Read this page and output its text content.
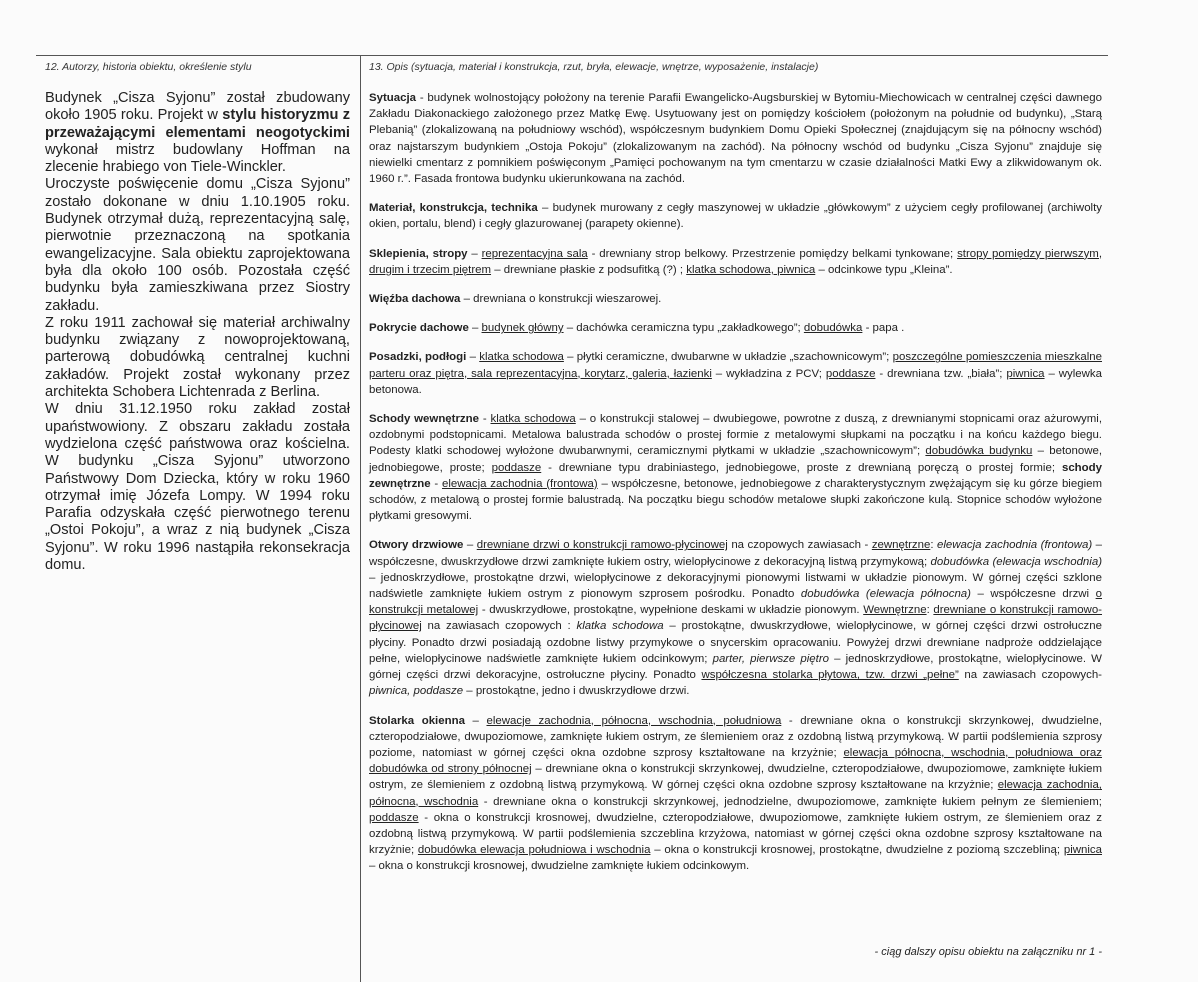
12. Autorzy, historia obiektu, określenie stylu	13. Opis (sytuacja, materiał i konstrukcja, rzut, bryła, elewacje, wnętrze, wyposażenie, instalacje)

Budynek „Cisza Syjonu” został zbudowany około 1905 roku. Projekt w stylu historyzmu z przeważającymi elementami neogotyckimi wykonał mistrz budowlany Hoffman na zlecenie hrabiego von Tiele-Winckler.

Uroczyste poświęcenie domu „Cisza Syjonu” zostało dokonane w dniu 1.10.1905 roku. Budynek otrzymał dużą, reprezentacyjną salę, pierwotnie przeznaczoną na spotkania ewangelizacyjne. Sala obiektu zaprojektowana była dla około 100 osób. Pozostała część budynku była zamieszkiwana przez Siostry zakładu.

Z roku 1911 zachował się materiał archiwalny budynku związany z nowoprojektowaną, parterową dobudówką centralnej kuchni zakładów. Projekt został wykonany przez architekta Schobera Lichtenrada z Berlina.

W dniu 31.12.1950 roku zakład został upaństwowiony. Z obszaru zakładu została wydzielona część państwowa oraz kościelna. W budynku „Cisza Syjonu” utworzono Państwowy Dom Dziecka, który w roku 1960 otrzymał imię Józefa Lompy. W 1994 roku Parafia odzyskała część pierwotnego terenu „Ostoi Pokoju”, a wraz z nią budynek „Cisza Syjonu”. W roku 1996 nastąpiła rekonsekracja domu.

Sytuacja - budynek wolnostojący położony na terenie Parafii Ewangelicko-Augsburskiej w Bytomiu-Miechowicach w centralnej części dawnego Zakładu Diakonackiego założonego przez Matkę Ewę. Usytuowany jest on pomiędzy kościołem (położonym na południe od budynku), „Starą Plebanią” (zlokalizowaną na południowy wschód), współczesnym budynkiem Domu Opieki Społecznej (znajdującym się na północny wschód) oraz najstarszym budynkiem „Ostoja Pokoju” (zlokalizowanym na zachód). Na północny wschód od budynku „Cisza Syjonu” znajduje się niewielki cmentarz z pomnikiem poświęconym „Pamięci pochowanym na tym cmentarzu w czasie działalności Matki Ewy a zlikwidowanym ok. 1960 r.”. Fasada frontowa budynku ukierunkowana na zachód.

Materiał, konstrukcja, technika – budynek murowany z cegły maszynowej w układzie „główkowym” z użyciem cegły profilowanej (archiwolty okien, portalu, blend) i cegły glazurowanej (parapety okienne).

Sklepienia, stropy – reprezentacyjna sala - drewniany strop belkowy. Przestrzenie pomiędzy belkami tynkowane; stropy pomiędzy pierwszym, drugim i trzecim piętrem – drewniane płaskie z podsufitką (?) ; klatka schodowa, piwnica – odcinkowe typu „Kleina”.

Więźba dachowa – drewniana o konstrukcji wieszarowej.

Pokrycie dachowe – budynek główny – dachówka ceramiczna typu „zakładkowego”; dobudówka - papa .

Posadzki, podłogi – klatka schodowa – płytki ceramiczne, dwubarwne w układzie „szachownicowym”; poszczególne pomieszczenia mieszkalne parteru oraz piętra, sala reprezentacyjna, korytarz, galeria, łazienki – wykładzina z PCV; poddasze - drewniana tzw. „biała”; piwnica – wylewka betonowa.

Schody wewnętrzne - klatka schodowa – o konstrukcji stalowej – dwubiegowe, powrotne z duszą, z drewnianymi stopnicami oraz ażurowymi, ozdobnymi podstopnicami. Metalowa balustrada schodów o prostej formie z metalowymi słupkami na początku i na końcu każdego biegu. Podesty klatki schodowej wyłożone dwubarwnymi, ceramicznymi płytkami w układzie „szachownicowym”; dobudówka budynku – betonowe, jednobiegowe, proste; poddasze - drewniane typu drabiniastego, jednobiegowe, proste z drewnianą poręczą o prostej formie; schody zewnętrzne - elewacja zachodnia (frontowa) – współczesne, betonowe, jednobiegowe z charakterystycznym zwężającym się ku górze biegiem schodów, z metalową o prostej formie balustradą. Na początku biegu schodów metalowe słupki zakończone kulą. Stopnice schodów wyłożone płytkami gresowymi.

Otwory drzwiowe – drewniane drzwi o konstrukcji ramowo-płycinowej na czopowych zawiasach - zewnętrzne: elewacja zachodnia (frontowa) – współczesne, dwuskrzydłowe drzwi zamknięte łukiem ostry, wielopłycinowe z dekoracyjną listwą przymykową; dobudówka (elewacja wschodnia) – jednoskrzydłowe, prostokątne drzwi, wielopłycinowe z dekoracyjnymi pionowymi listwami w układzie pionowym. W górnej części szklone nadświetle zamknięte łukiem ostrym z pionowym szprosem pośrodku. Ponadto dobudówka (elewacja północna) – współczesne drzwi o konstrukcji metalowej - dwuskrzydłowe, prostokątne, wypełnione deskami w układzie pionowym. Wewnętrzne: drewniane o konstrukcji ramowo-płycinowej na zawiasach czopowych : klatka schodowa – prostokątne, dwuskrzydłowe, wielopłycinowe, w górnej części drzwi ostrołuczne płyciny. Ponadto drzwi posiadają ozdobne listwy przymykowe o snycerskim opracowaniu. Powyżej drzwi drewniane nadproże oddzielające pełne, wielopłycinowe nadświetle zamknięte łukiem odcinkowym; parter, pierwsze piętro – jednoskrzydłowe, prostokątne, wielopłycinowe. W górnej części drzwi dekoracyjne, ostrołuczne płyciny. Ponadto współczesna stolarka płytowa, tzw. drzwi „pełne” na zawiasach czopowych- piwnica, poddasze – prostokątne, jedno i dwuskrzydłowe drzwi.

Stolarka okienna – elewacje zachodnia, północna, wschodnia, południowa - drewniane okna o konstrukcji skrzynkowej, dwudzielne, czteropodziałowe, dwupoziomowe, zamknięte łukiem ostrym, ze ślemieniem oraz z ozdobną listwą przymykową. W partii podślemienia szprosy poziome, natomiast w górnej części okna ozdobne szprosy kształtowane na krzyżnie; elewacja północna, wschodnia, południowa oraz dobudówka od strony północnej – drewniane okna o konstrukcji skrzynkowej, dwudzielne, czteropodziałowe, dwupoziomowe, zamknięte łukiem ostrym, ze ślemieniem z ozdobną listwą przymykową. W górnej części okna ozdobne szprosy kształtowane na krzyżnie; elewacja zachodnia, północna, wschodnia - drewniane okna o konstrukcji skrzynkowej, jednodzielne, dwupoziomowe, zamknięte łukiem pełnym ze ślemieniem; poddasze - okna o konstrukcji krosnowej, dwudzielne, czteropodziałowe, dwupoziomowe, zamknięte łukiem ostrym, ze ślemieniem oraz z ozdobną listwą przymykową. W partii podślemienia szczeblina krzyżowa, natomiast w górnej części okna ozdobne szprosy kształtowane na krzyżnie; dobudówka elewacja południowa i wschodnia – okna o konstrukcji krosnowej, prostokątne, dwudzielne z poziomą szczebliną; piwnica – okna o konstrukcji krosnowej, dwudzielne zamknięte łukiem odcinkowym.

- ciąg dalszy opisu obiektu na załączniku nr 1 -
